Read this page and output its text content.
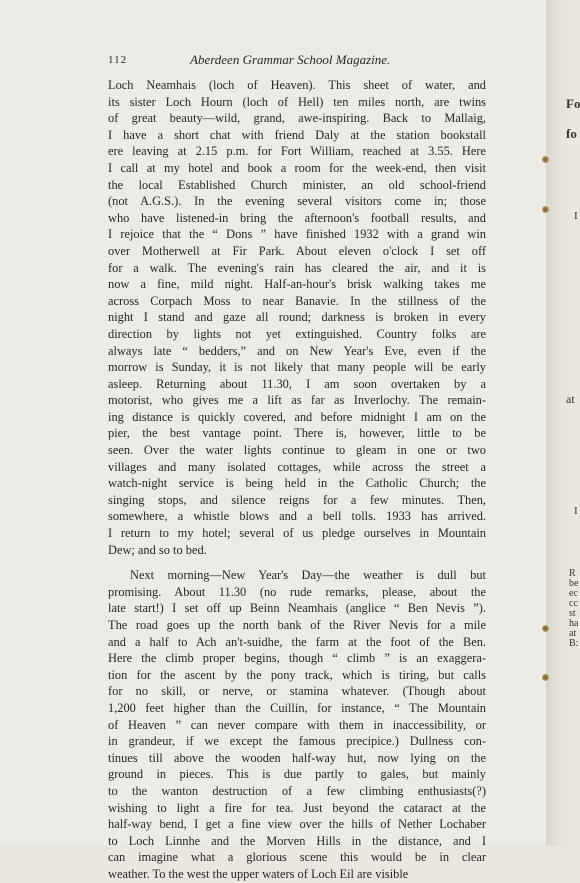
112	Aberdeen Grammar School Magazine.
Loch Neamhais (loch of Heaven). This sheet of water, and
its sister Loch Hourn (loch of Hell) ten miles north, are twins
of great beauty—wild, grand, awe-inspiring. Back to Mallaig,
I have a short chat with friend Daly at the station bookstall
ere leaving at 2.15 p.m. for Fort William, reached at 3.55. Here
I call at my hotel and book a room for the week-end, then visit
the local Established Church minister, an old school-friend
(not A.G.S.). In the evening several visitors come in; those
who have listened-in bring the afternoon's football results, and
I rejoice that the “ Dons ” have finished 1932 with a grand win
over Motherwell at Fir Park. About eleven o'clock I set off
for a walk. The evening's rain has cleared the air, and it is
now a fine, mild night. Half-an-hour's brisk walking takes me
across Corpach Moss to near Banavie. In the stillness of the
night I stand and gaze all round; darkness is broken in every
direction by lights not yet extinguished. Country folks are
always late “ bedders,” and on New Year's Eve, even if the
morrow is Sunday, it is not likely that many people will be early
asleep. Returning about 11.30, I am soon overtaken by a
motorist, who gives me a lift as far as Inverlochy. The remain-
ing distance is quickly covered, and before midnight I am on the
pier, the best vantage point. There is, however, little to be
seen. Over the water lights continue to gleam in one or two
villages and many isolated cottages, while across the street a
watch-night service is being held in the Catholic Church; the
singing stops, and silence reigns for a few minutes. Then,
somewhere, a whistle blows and a bell tolls. 1933 has arrived.
I return to my hotel; several of us pledge ourselves in Mountain
Dew; and so to bed.
Next morning—New Year's Day—the weather is dull but
promising. About 11.30 (no rude remarks, please, about the
late start!) I set off up Beinn Neamhais (anglice “ Ben Nevis ”).
The road goes up the north bank of the River Nevis for a mile
and a half to Ach an't-suidhe, the farm at the foot of the Ben.
Here the climb proper begins, though “ climb ” is an exaggera-
tion for the ascent by the pony track, which is tiring, but calls
for no skill, or nerve, or stamina whatever. (Though about
1,200 feet higher than the Cuillin, for instance, “ The Mountain
of Heaven ” can never compare with them in inaccessibility, or
in grandeur, if we except the famous precipice.) Dullness con-
tinues till above the wooden half-way hut, now lying on the
ground in pieces. This is due partly to gales, but mainly
to the wanton destruction of a few climbing enthusiasts(?)
wishing to light a fire for tea. Just beyond the cataract at the
half-way bend, I get a fine view over the hills of Nether Lochaber
to Loch Linnhe and the Morven Hills in the distance, and I
can imagine what a glorious scene this would be in clear
weather. To the west the upper waters of Loch Eil are visible
Fo
fo
I
at
I
R
be
ec
cc
st
ha
at
B:
